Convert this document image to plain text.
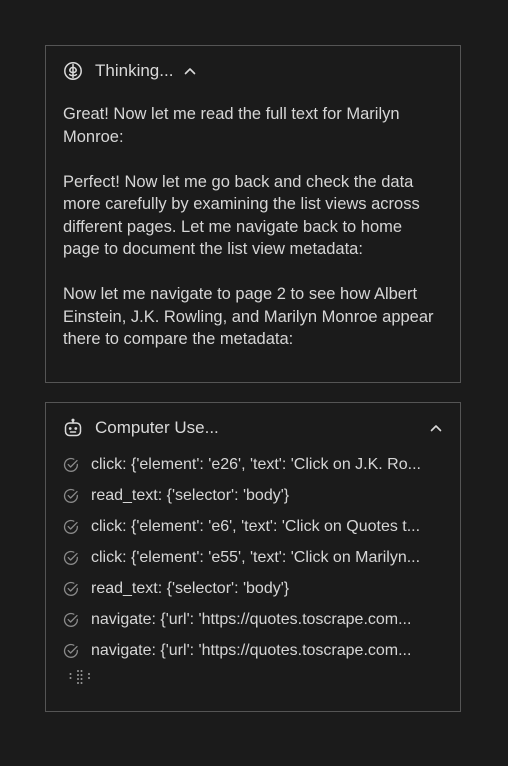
Thinking...

Great! Now let me read the full text for Marilyn Monroe:

Perfect! Now let me go back and check the data more carefully by examining the list views across different pages. Let me navigate back to home page to document the list view metadata:

Now let me navigate to page 2 to see how Albert Einstein, J.K. Rowling, and Marilyn Monroe appear there to compare the metadata:

Computer Use...
click: {'element': 'e26', 'text': 'Click on J.K. Ro...
read_text: {'selector': 'body'}
click: {'element': 'e6', 'text': 'Click on Quotes t...
click: {'element': 'e55', 'text': 'Click on Marilyn...
read_text: {'selector': 'body'}
navigate: {'url': 'https://quotes.toscrape.com...
navigate: {'url': 'https://quotes.toscrape.com...
